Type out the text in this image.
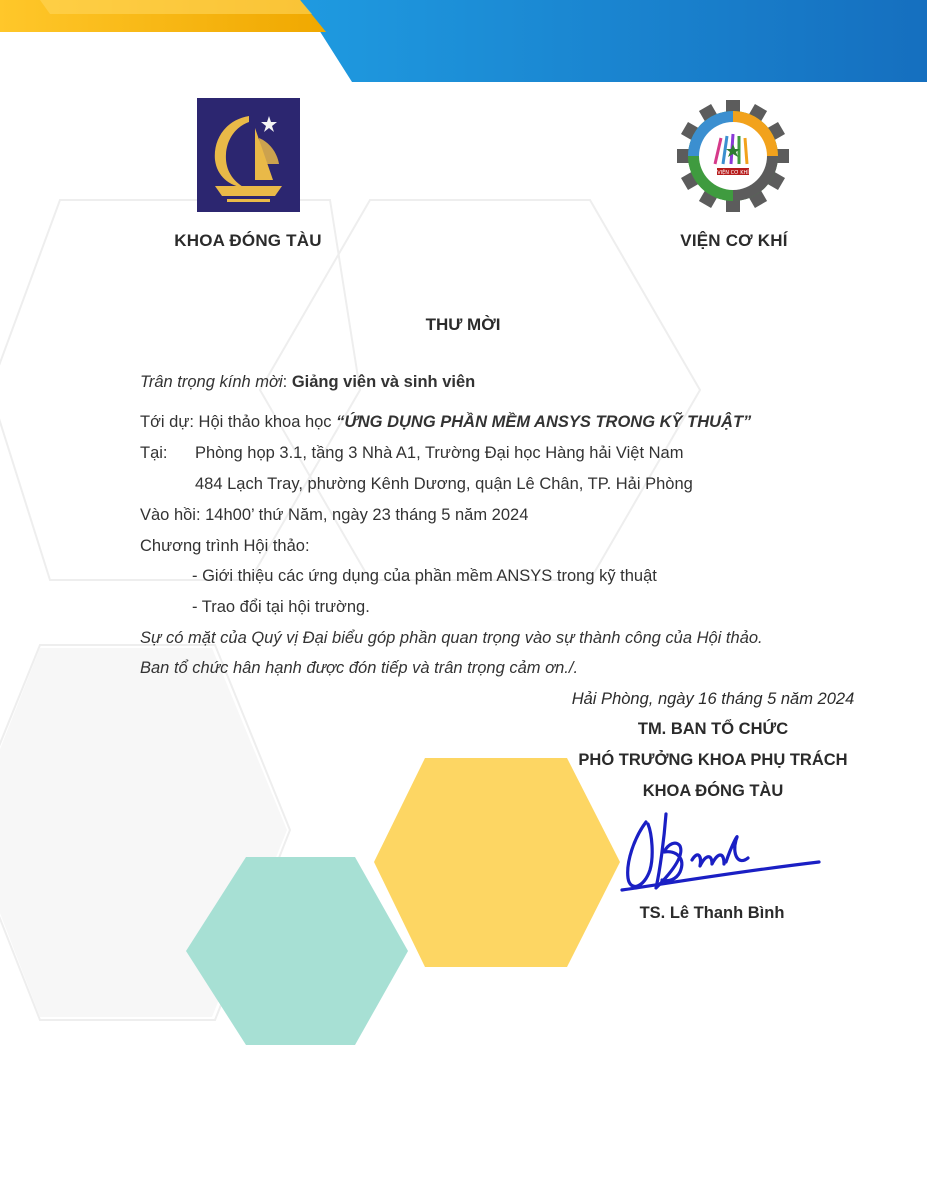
KHOA ĐÓNG TÀU
VIỆN CƠ KHÍ
VIỆN CƠ KHÍ
THƯ MỜI
Trân trọng kính mời: Giảng viên và sinh viên
Tới dự: Hội thảo khoa học “ỨNG DỤNG PHẦN MỀM ANSYS TRONG KỸ THUẬT”
Tại: Phòng họp 3.1, tầng 3 Nhà A1, Trường Đại học Hàng hải Việt Nam
484 Lạch Tray, phường Kênh Dương, quận Lê Chân, TP. Hải Phòng
Vào hồi: 14h00’ thứ Năm, ngày 23 tháng 5 năm 2024
Chương trình Hội thảo:
- Giới thiệu các ứng dụng của phần mềm ANSYS trong kỹ thuật
- Trao đổi tại hội trường.
Sự có mặt của Quý vị Đại biểu góp phần quan trọng vào sự thành công của Hội thảo.
Ban tổ chức hân hạnh được đón tiếp và trân trọng cảm ơn./.
Hải Phòng, ngày 16 tháng 5 năm 2024
TM. BAN TỔ CHỨC
PHÓ TRƯỞNG KHOA PHỤ TRÁCH
KHOA ĐÓNG TÀU
TS. Lê Thanh Bình
